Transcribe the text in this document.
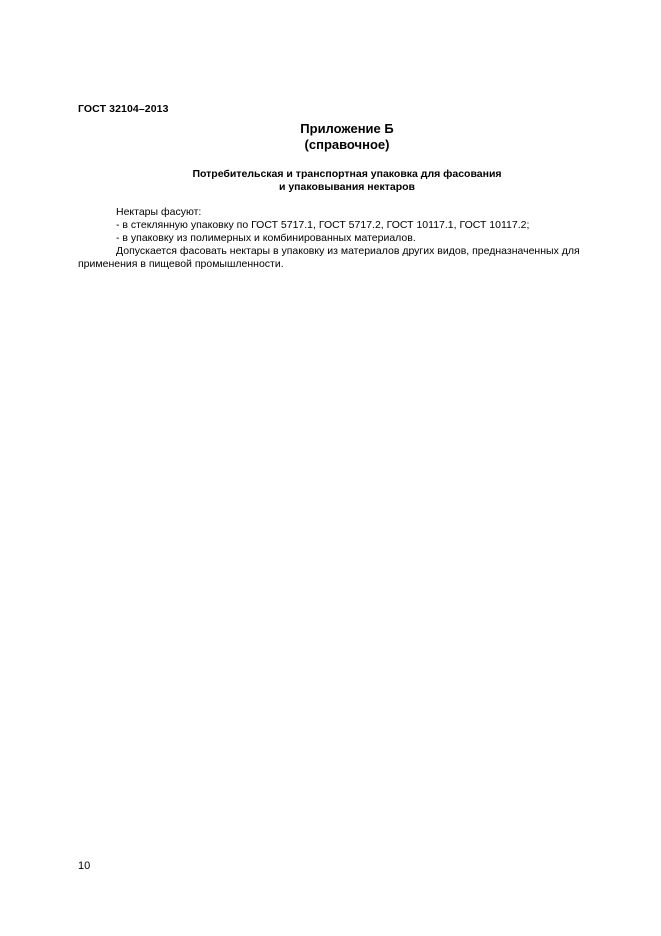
ГОСТ 32104–2013
Приложение Б
(справочное)
Потребительская и транспортная упаковка для фасования
и упаковывания нектаров

Нектары фасуют:

- в стеклянную упаковку по ГОСТ 5717.1, ГОСТ 5717.2, ГОСТ 10117.1, ГОСТ 10117.2;

- в упаковку из полимерных и комбинированных материалов.

Допускается фасовать нектары в упаковку из материалов других видов, предназначенных для применения в пищевой промышленности.

10
